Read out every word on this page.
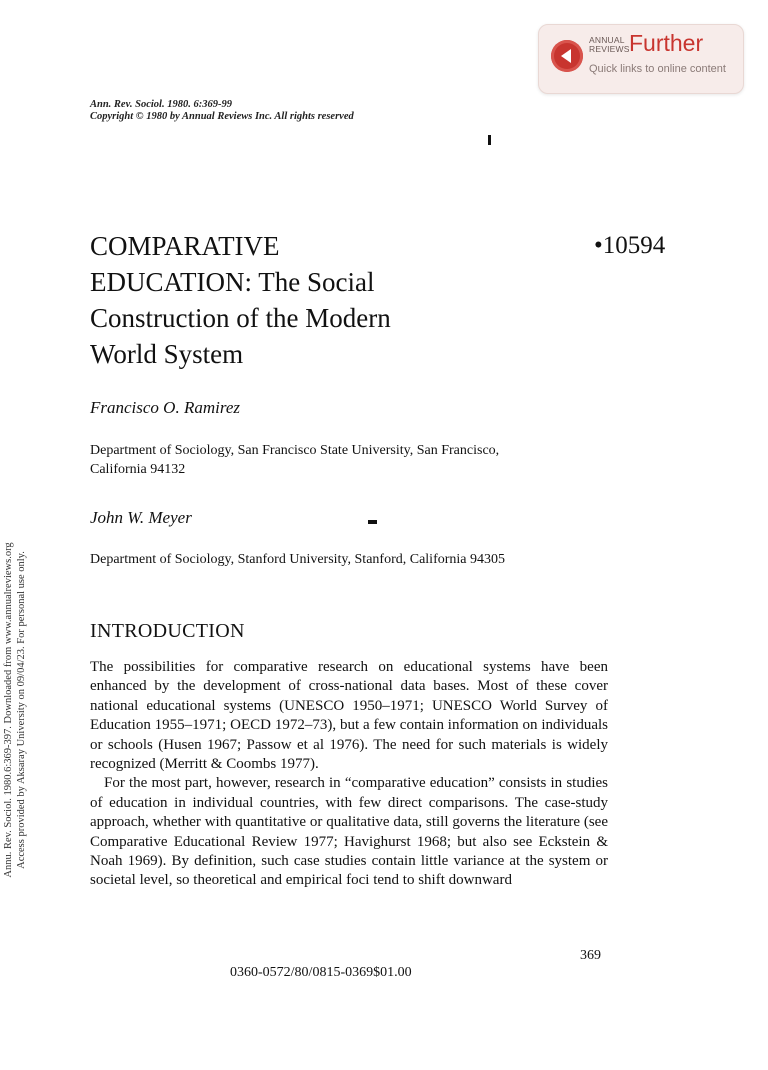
ANNUAL
REVIEWS Further
Quick links to online content
Ann. Rev. Sociol. 1980. 6:369-99
Copyright © 1980 by Annual Reviews Inc. All rights reserved
COMPARATIVE
EDUCATION: The Social
Construction of the Modern
World System
•10594
Francisco O. Ramirez
Department of Sociology, San Francisco State University, San Francisco, California 94132
John W. Meyer
Department of Sociology, Stanford University, Stanford, California 94305
INTRODUCTION

The possibilities for comparative research on educational systems have been enhanced by the development of cross-national data bases. Most of these cover national educational systems (UNESCO 1950–1971; UNESCO World Survey of Education 1955–1971; OECD 1972–73), but a few contain information on individuals or schools (Husen 1967; Passow et al 1976). The need for such materials is widely recognized (Merritt & Coombs 1977).

For the most part, however, research in “comparative education” consists in studies of education in individual countries, with few direct comparisons. The case-study approach, whether with quantitative or qualitative data, still governs the literature (see Comparative Educational Review 1977; Havighurst 1968; but also see Eckstein & Noah 1969). By definition, such case studies contain little variance at the system or societal level, so theoretical and empirical foci tend to shift downward

369
0360-0572/80/0815-0369$01.00
Annu. Rev. Sociol. 1980.6:369-397. Downloaded from www.annualreviews.org Access provided by Aksaray University on 09/04/23. For personal use only.
